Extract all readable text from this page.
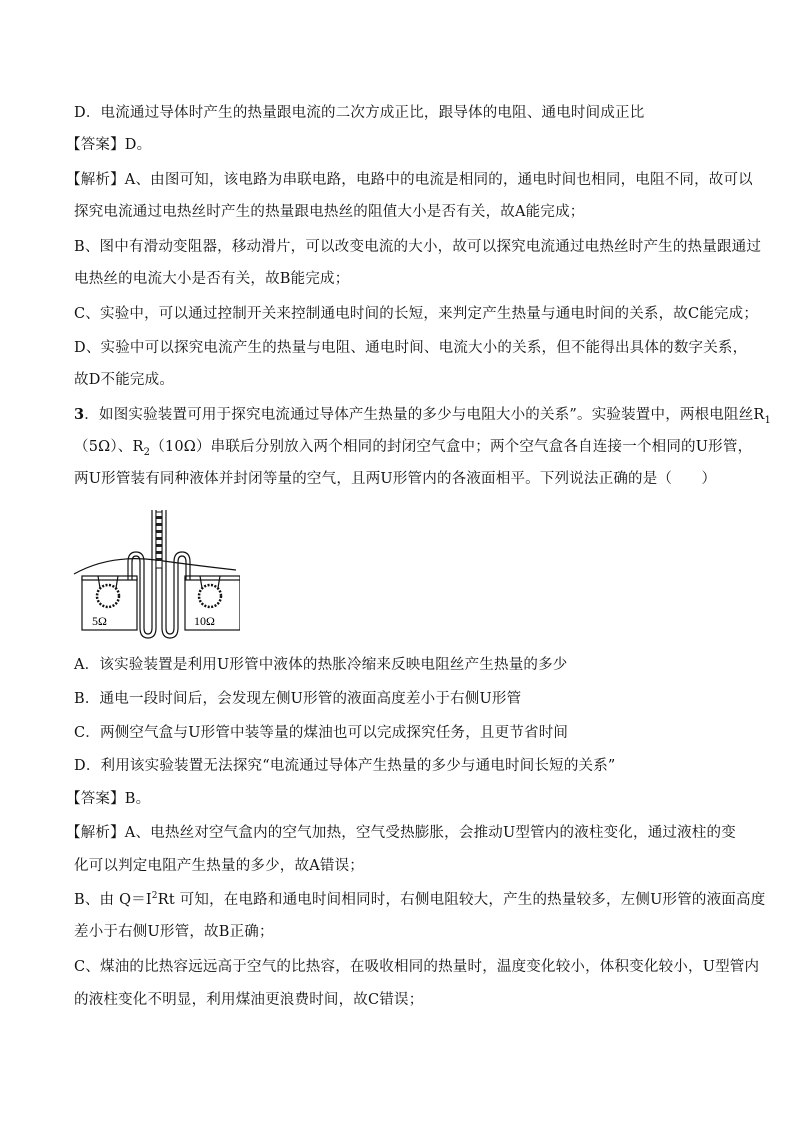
D．电流通过导体时产生的热量跟电流的二次方成正比，跟导体的电阻、通电时间成正比
【答案】D。
【解析】A、由图可知，该电路为串联电路，电路中的电流是相同的，通电时间也相同，电阻不同，故可以
探究电流通过电热丝时产生的热量跟电热丝的阻值大小是否有关，故A能完成；
B、图中有滑动变阻器，移动滑片，可以改变电流的大小，故可以探究电流通过电热丝时产生的热量跟通过
电热丝的电流大小是否有关，故B能完成；
C、实验中，可以通过控制开关来控制通电时间的长短，来判定产生热量与通电时间的关系，故C能完成；
D、实验中可以探究电流产生的热量与电阻、通电时间、电流大小的关系，但不能得出具体的数字关系，
故D不能完成。
3．如图实验装置可用于探究电流通过导体产生热量的多少与电阻大小的关系”。实验装置中，两根电阻丝$R_1$
（5Ω）、$R_2(10\Omega)$串联后分别放入两个相同的封闭空气盒中；两个空气盒各自连接一个相同的U形管，
两U形管装有同种液体并封闭等量的空气，且两U形管内的各液面相平。下列说法正确的是（　　）
5Ω	10Ω
A．该实验装置是利用U形管中液体的热胀冷缩来反映电阻丝产生热量的多少
B．通电一段时间后，会发现左侧U形管的液面高度差小于右侧U形管
C．两侧空气盒与U形管中装等量的煤油也可以完成探究任务，且更节省时间
D．利用该实验装置无法探究“电流通过导体产生热量的多少与通电时间长短的关系”
【答案】B。
【解析】A、电热丝对空气盒内的空气加热，空气受热膨胀，会推动U型管内的液柱变化，通过液柱的变
化可以判定电阻产生热量的多少，故A错误；
B、由 $Q=I^2Rt$ 可知，在电路和通电时间相同时，右侧电阻较大，产生的热量较多，左侧U形管的液面高度
差小于右侧U形管，故B正确；
C、煤油的比热容远远高于空气的比热容，在吸收相同的热量时，温度变化较小，体积变化较小，U型管内
的液柱变化不明显，利用煤油更浪费时间，故C错误；
